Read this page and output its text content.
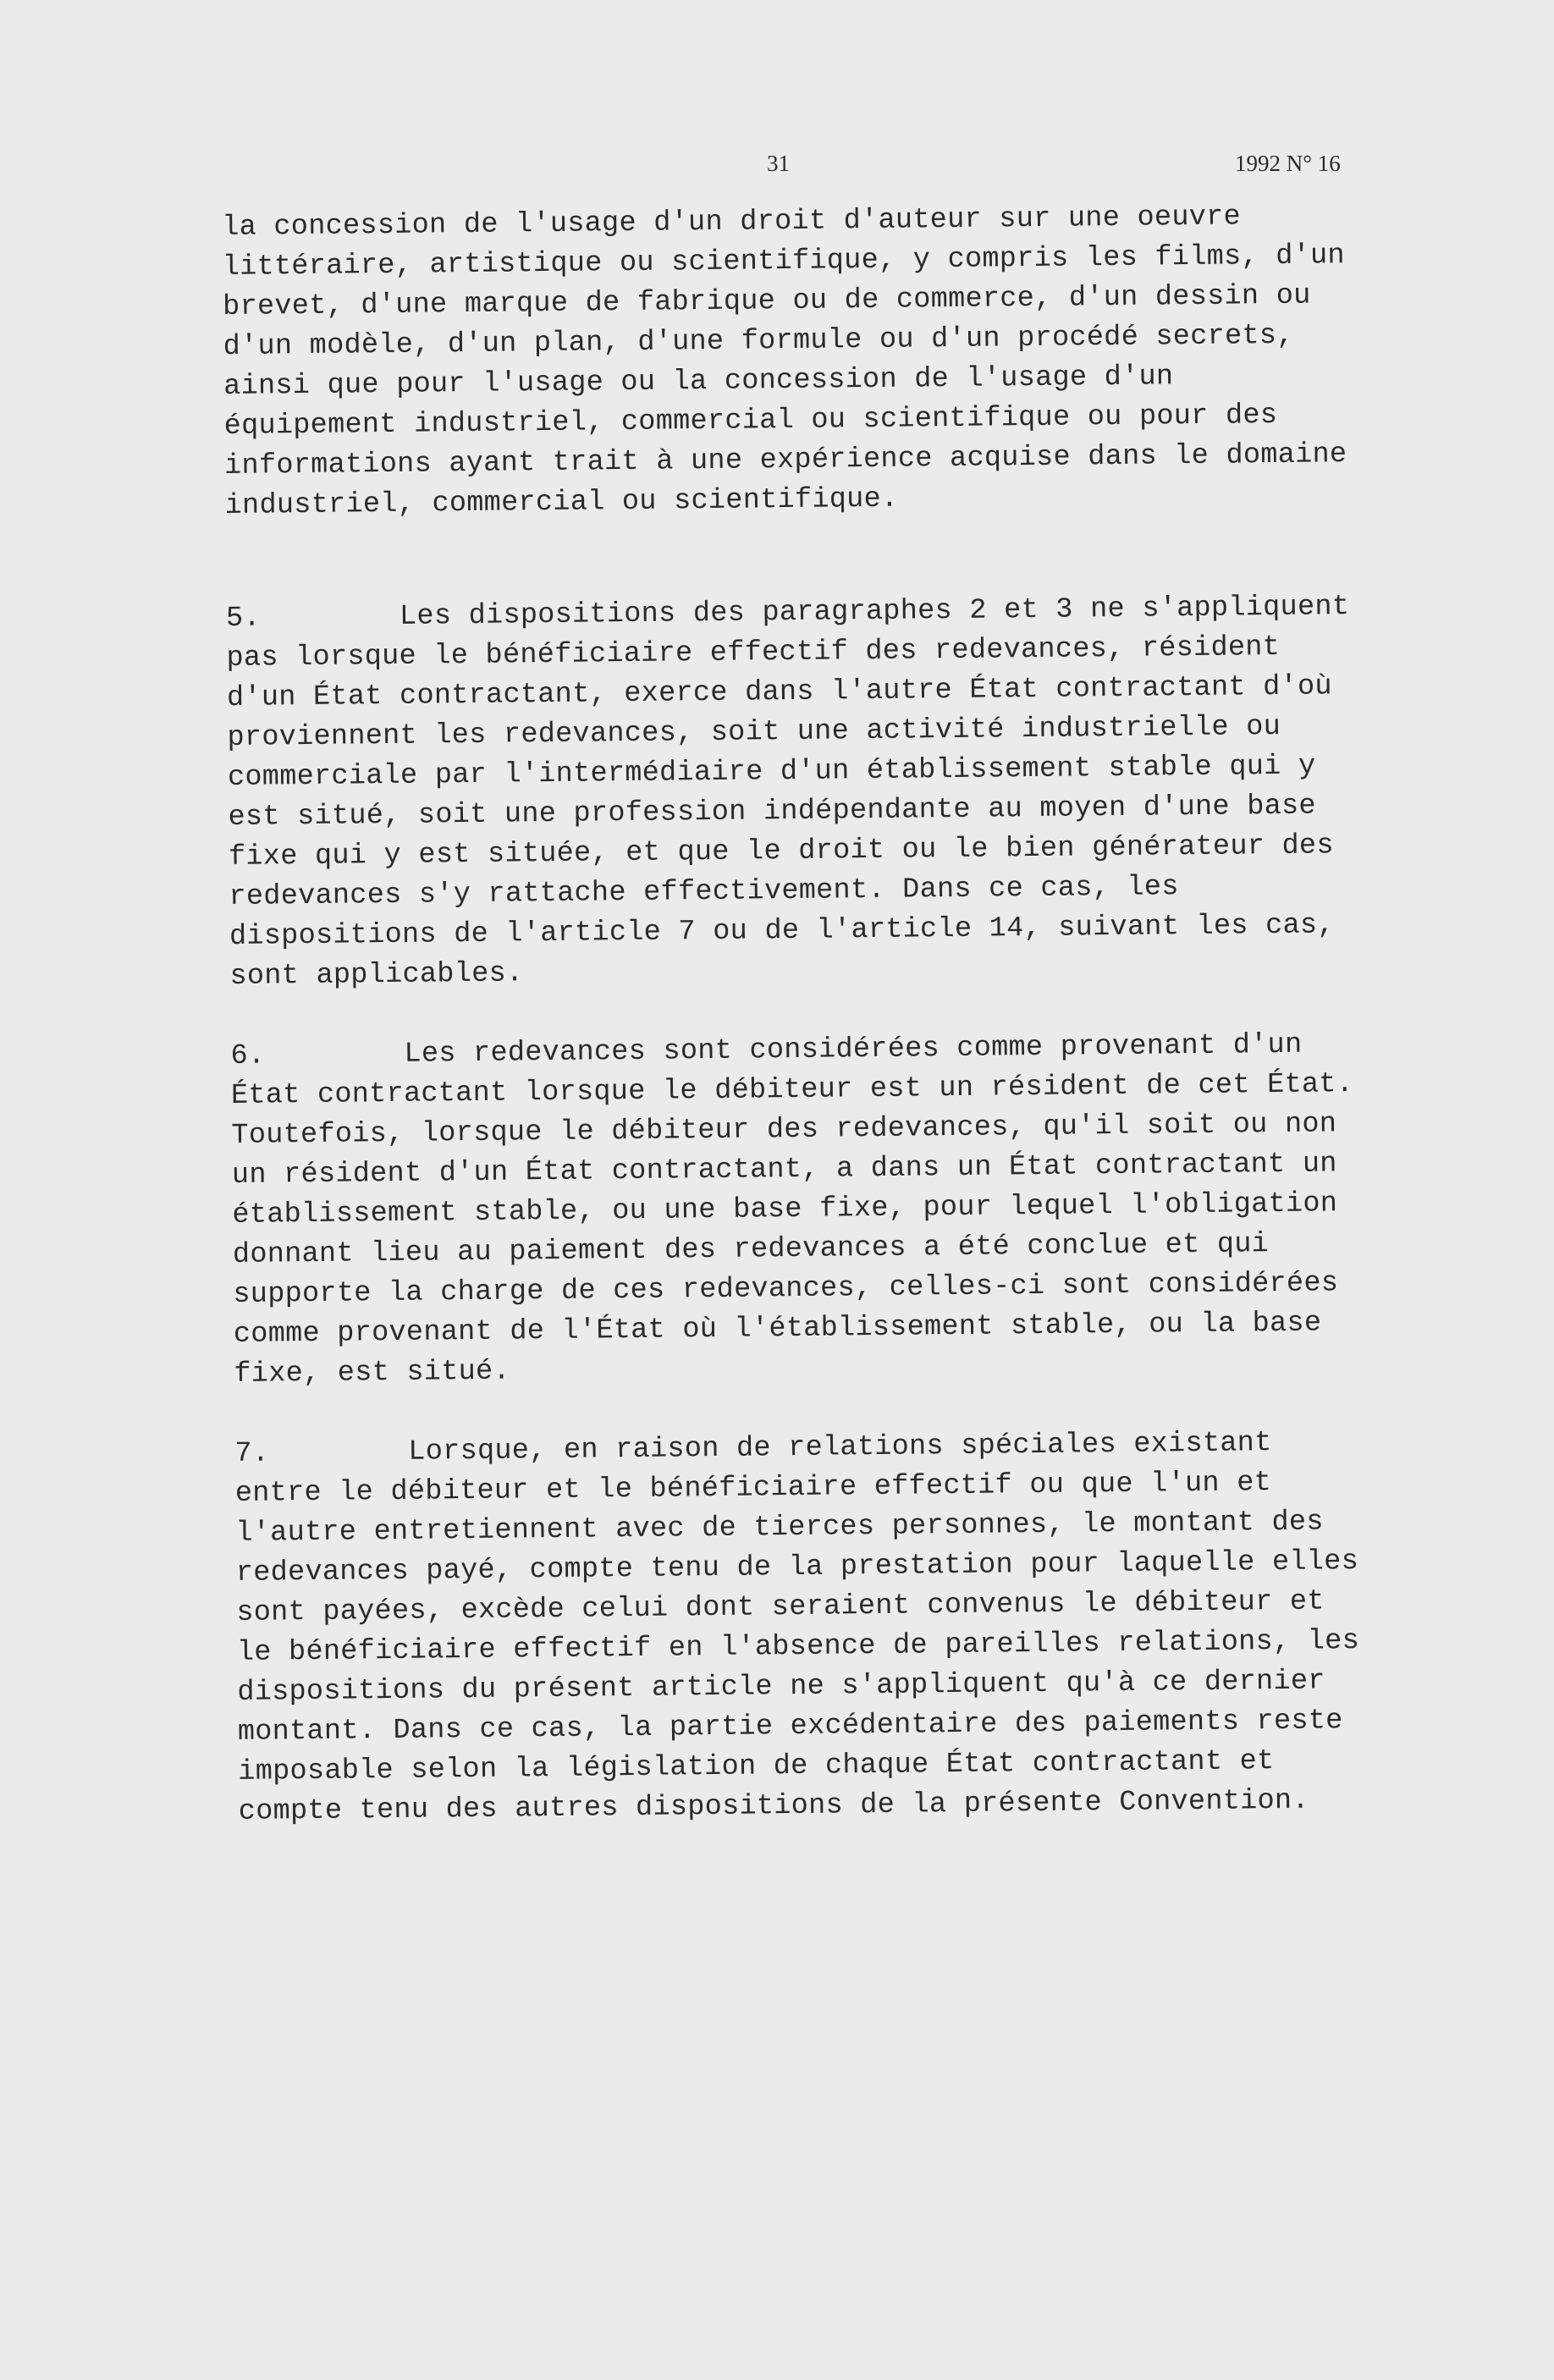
31	1992 N° 16
la concession de l'usage d'un droit d'auteur sur une oeuvre
littéraire, artistique ou scientifique, y compris les films, d'un
brevet, d'une marque de fabrique ou de commerce, d'un dessin ou
d'un modèle, d'un plan, d'une formule ou d'un procédé secrets,
ainsi que pour l'usage ou la concession de l'usage d'un
équipement industriel, commercial ou scientifique ou pour des
informations ayant trait à une expérience acquise dans le domaine
industriel, commercial ou scientifique.
5.	Les dispositions des paragraphes 2 et 3 ne s'appliquent
pas lorsque le bénéficiaire effectif des redevances, résident
d'un État contractant, exerce dans l'autre État contractant d'où
proviennent les redevances, soit une activité industrielle ou
commerciale par l'intermédiaire d'un établissement stable qui y
est situé, soit une profession indépendante au moyen d'une base
fixe qui y est située, et que le droit ou le bien générateur des
redevances s'y rattache effectivement. Dans ce cas, les
dispositions de l'article 7 ou de l'article 14, suivant les cas,
sont applicables.
6.	Les redevances sont considérées comme provenant d'un
État contractant lorsque le débiteur est un résident de cet État.
Toutefois, lorsque le débiteur des redevances, qu'il soit ou non
un résident d'un État contractant, a dans un État contractant un
établissement stable, ou une base fixe, pour lequel l'obligation
donnant lieu au paiement des redevances a été conclue et qui
supporte la charge de ces redevances, celles-ci sont considérées
comme provenant de l'État où l'établissement stable, ou la base
fixe, est situé.
7.	Lorsque, en raison de relations spéciales existant
entre le débiteur et le bénéficiaire effectif ou que l'un et
l'autre entretiennent avec de tierces personnes, le montant des
redevances payé, compte tenu de la prestation pour laquelle elles
sont payées, excède celui dont seraient convenus le débiteur et
le bénéficiaire effectif en l'absence de pareilles relations, les
dispositions du présent article ne s'appliquent qu'à ce dernier
montant. Dans ce cas, la partie excédentaire des paiements reste
imposable selon la législation de chaque État contractant et
compte tenu des autres dispositions de la présente Convention.
